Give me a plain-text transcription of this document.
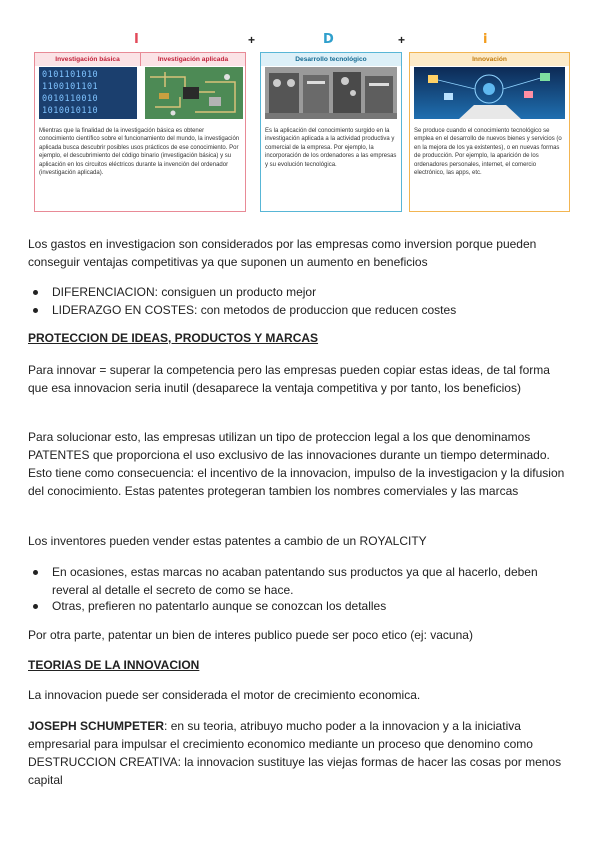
I	+	D	+	i
Investigación básica	Investigación aplicada
0101101010
1100101101
0010110010
1010010110
Mientras que la finalidad de la investigación básica es obtener conocimiento científico sobre el funcionamiento del mundo, la investigación aplicada busca descubrir posibles usos prácticos de ese conocimiento. Por ejemplo, el descubrimiento del código binario (investigación básica) y su aplicación en los circuitos eléctricos durante la invención del ordenador (investigación aplicada).
Desarrollo tecnológico
Es la aplicación del conocimiento surgido en la investigación aplicada a la actividad productiva y comercial de la empresa. Por ejemplo, la incorporación de los ordenadores a las empresas y su evolución tecnológica.
Innovación
Se produce cuando el conocimiento tecnológico se emplea en el desarrollo de nuevos bienes y servicios (o en la mejora de los ya existentes), o en nuevas formas de producción. Por ejemplo, la aparición de los ordenadores personales, internet, el comercio electrónico, las apps, etc.
Los gastos en investigacion son considerados por las empresas como inversion porque pueden conseguir ventajas competitivas ya que suponen un aumento en beneficios
DIFERENCIACION: consiguen un producto mejor
LIDERAZGO EN COSTES: con metodos de produccion que reducen costes
PROTECCION DE IDEAS, PRODUCTOS Y MARCAS
Para innovar = superar la competencia pero las empresas pueden copiar estas ideas, de tal forma que esa innovacion seria inutil (desaparece la ventaja competitiva y por tanto, los beneficios)
Para solucionar esto, las empresas utilizan un tipo de proteccion legal a los que denominamos PATENTES que proporciona el uso exclusivo de las innovaciones durante un tiempo determinado. Esto tiene como consecuencia: el incentivo de la innovacion, impulso de la investigacion y la difusion del conocimiento. Estas patentes protegeran tambien los nombres comerviales y las marcas
Los inventores pueden vender estas patentes a cambio de un ROYALCITY
En ocasiones, estas marcas no acaban patentando sus productos ya que al hacerlo, deben reveral al detalle el secreto de como se hace.
Otras, prefieren no patentarlo aunque se conozcan los detalles
Por otra parte, patentar un bien de interes publico puede ser poco etico (ej: vacuna)
TEORIAS DE LA INNOVACION
La innovacion puede ser considerada el motor de crecimiento economica.
JOSEPH SCHUMPETER: en su teoria, atribuyo mucho poder a la innovacion y a la iniciativa empresarial para impulsar el crecimiento economico mediante un proceso que denomino como DESTRUCCION CREATIVA: la innovacion sustituye las viejas formas de hacer las cosas por menos capital
